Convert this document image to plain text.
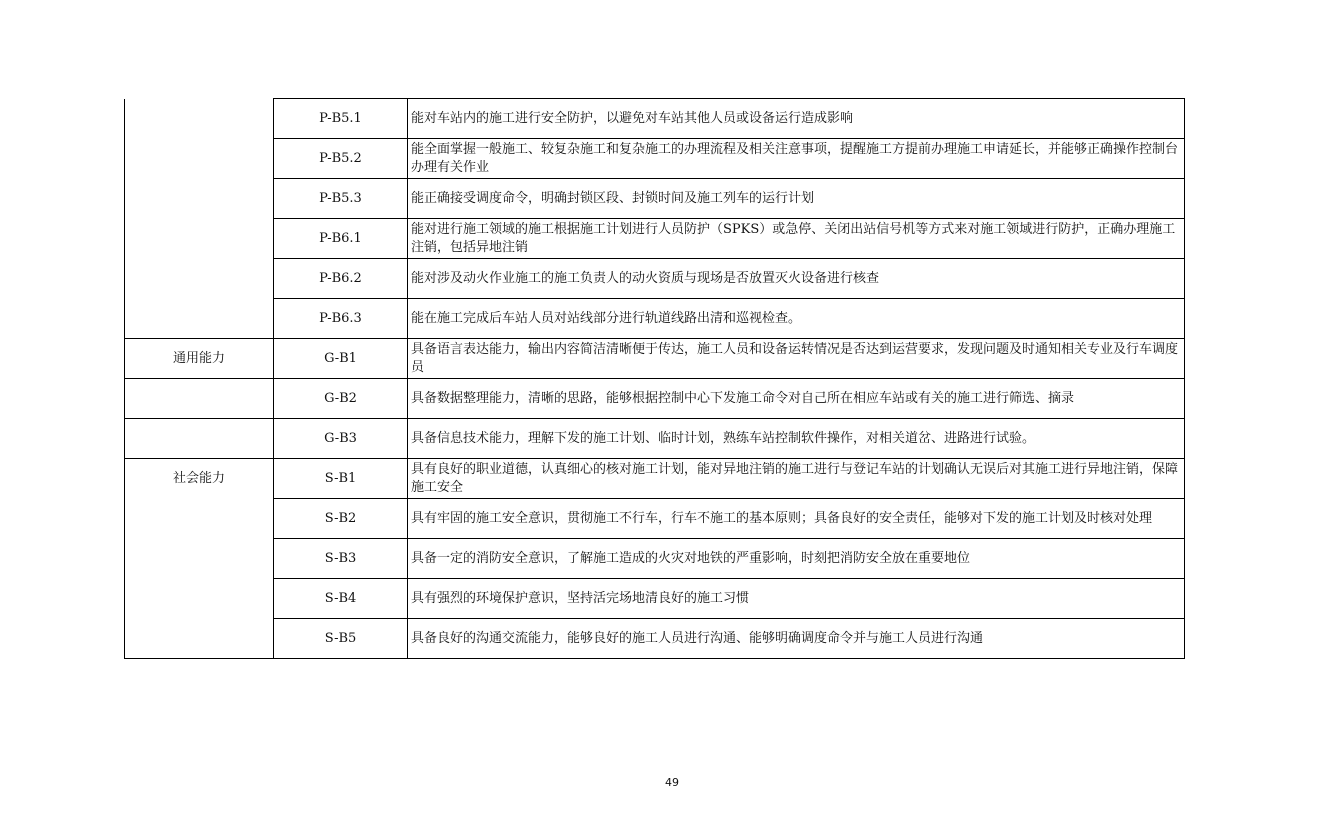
	P-B5.1	能对车站内的施工进行安全防护，以避免对车站其他人员或设备运行造成影响
	P-B5.2	能全面掌握一般施工、较复杂施工和复杂施工的办理流程及相关注意事项，提醒施工方提前办理施工申请延长，并能够正确操作控制台办理有关作业
	P-B5.3	能正确接受调度命令，明确封锁区段、封锁时间及施工列车的运行计划
	P-B6.1	能对进行施工领域的施工根据施工计划进行人员防护（SPKS）或急停、关闭出站信号机等方式来对施工领域进行防护，正确办理施工注销，包括异地注销
	P-B6.2	能对涉及动火作业施工的施工负责人的动火资质与现场是否放置灭火设备进行核查
	P-B6.3	能在施工完成后车站人员对站线部分进行轨道线路出清和巡视检查。
通用能力	G-B1	具备语言表达能力，输出内容简洁清晰便于传达，施工人员和设备运转情况是否达到运营要求，发现问题及时通知相关专业及行车调度员
	G-B2	具备数据整理能力，清晰的思路，能够根据控制中心下发施工命令对自己所在相应车站或有关的施工进行筛选、摘录
	G-B3	具备信息技术能力，理解下发的施工计划、临时计划，熟练车站控制软件操作，对相关道岔、进路进行试验。
社会能力	S-B1	具有良好的职业道德，认真细心的核对施工计划，能对异地注销的施工进行与登记车站的计划确认无误后对其施工进行异地注销，保障施工安全
	S-B2	具有牢固的施工安全意识，贯彻施工不行车，行车不施工的基本原则；具备良好的安全责任，能够对下发的施工计划及时核对处理
	S-B3	具备一定的消防安全意识，了解施工造成的火灾对地铁的严重影响，时刻把消防安全放在重要地位
	S-B4	具有强烈的环境保护意识，坚持活完场地清良好的施工习惯
	S-B5	具备良好的沟通交流能力，能够良好的施工人员进行沟通、能够明确调度命令并与施工人员进行沟通
49
